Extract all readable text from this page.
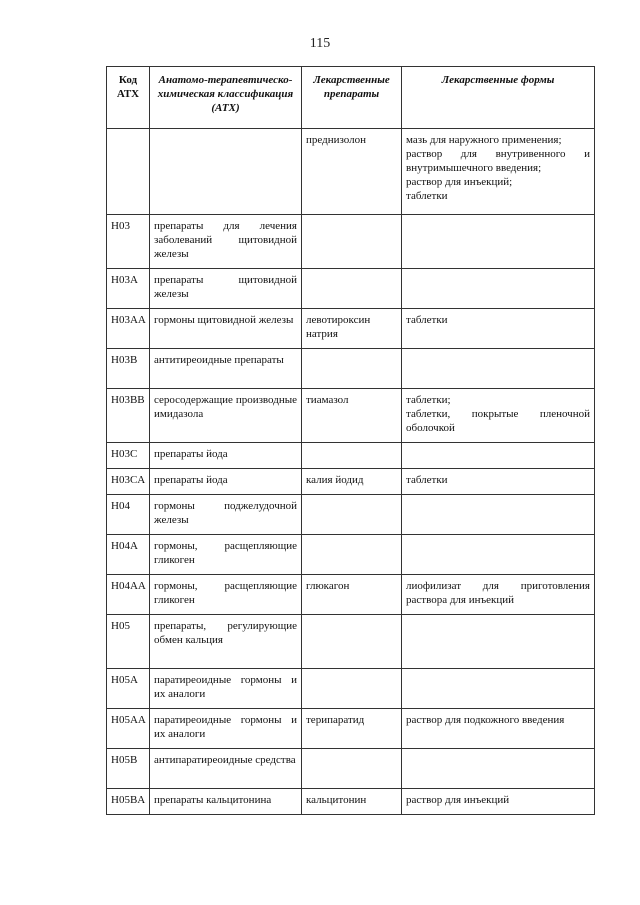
115
Код АТХ	Анатомо-терапевтическо-химическая классификация (АТХ)	Лекарственные препараты	Лекарственные формы
		преднизолон	мазь для наружного применения;
раствор для внутривенного и внутримышечного введения;
раствор для инъекций;
таблетки

H03	препараты для лечения заболеваний щитовидной железы		
H03A	препараты щитовидной железы		
H03AA	гормоны щитовидной железы	левотироксин натрия	таблетки

H03B	антитиреоидные препараты		
H03BB	серосодержащие производные имидазола	тиамазол	таблетки;
таблетки, покрытые пленочной оболочкой

H03C	препараты йода		
H03CA	препараты йода	калия йодид	таблетки

H04	гормоны поджелудочной железы		
H04A	гормоны, расщепляющие гликоген		
H04AA	гормоны, расщепляющие гликоген	глюкагон	лиофилизат для приготовления раствора для инъекций

H05	препараты, регулирующие обмен кальция		
H05A	паратиреоидные гормоны и их аналоги		
H05AA	паратиреоидные гормоны и их аналоги	терипаратид	раствор для подкожного введения

H05B	антипаратиреоидные средства		
H05BA	препараты кальцитонина	кальцитонин	раствор для инъекций
